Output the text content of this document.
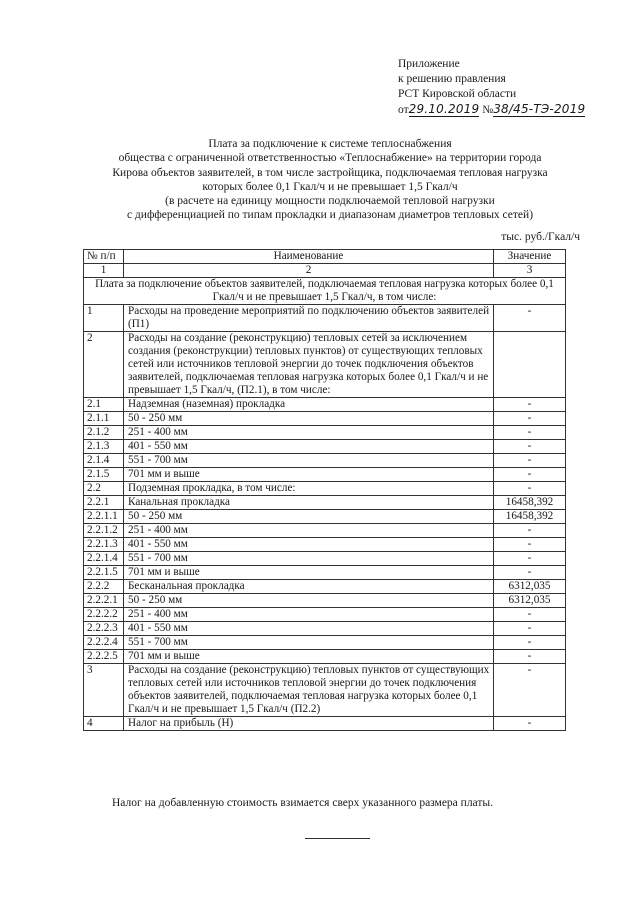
Приложение
к решению правления
РСТ Кировской области
от29.10.2019 №38/45-ТЭ-2019
Плата за подключение к системе теплоснабжения
общества с ограниченной ответственностью «Теплоснабжение» на территории города
Кирова объектов заявителей, в том числе застройщика, подключаемая тепловая нагрузка
которых более 0,1 Гкал/ч и не превышает 1,5 Гкал/ч
(в расчете на единицу мощности подключаемой тепловой нагрузки
с дифференциацией по типам прокладки и диапазонам диаметров тепловых сетей)
тыс. руб./Гкал/ч
№ п/п	Наименование	Значение
1	2	3
Плата за подключение объектов заявителей, подключаемая тепловая нагрузка которых более 0,1 Гкал/ч и не превышает 1,5 Гкал/ч, в том числе:		
1	Расходы на проведение мероприятий по подключению объектов заявителей (П1)	-
2	Расходы на создание (реконструкцию) тепловых сетей за исключением создания (реконструкции) тепловых пунктов) от существующих тепловых сетей или источников тепловой энергии до точек подключения объектов заявителей, подключаемая тепловая нагрузка которых более 0,1 Гкал/ч и не превышает 1,5 Гкал/ч, (П2.1), в том числе:	
2.1	Надземная (наземная) прокладка	-
2.1.1	50 - 250 мм	-
2.1.2	251 - 400 мм	-
2.1.3	401 - 550 мм	-
2.1.4	551 - 700 мм	-
2.1.5	701 мм и выше	-
2.2	Подземная прокладка, в том числе:	-
2.2.1	Канальная прокладка	16458,392
2.2.1.1	50 - 250 мм	16458,392
2.2.1.2	251 - 400 мм	-
2.2.1.3	401 - 550 мм	-
2.2.1.4	551 - 700 мм	-
2.2.1.5	701 мм и выше	-
2.2.2	Бесканальная прокладка	6312,035
2.2.2.1	50 - 250 мм	6312,035
2.2.2.2	251 - 400 мм	-
2.2.2.3	401 - 550 мм	-
2.2.2.4	551 - 700 мм	-
2.2.2.5	701 мм и выше	-
3	Расходы на создание (реконструкцию) тепловых пунктов от существующих тепловых сетей или источников тепловой энергии до точек подключения объектов заявителей, подключаемая тепловая нагрузка которых более 0,1 Гкал/ч и не превышает 1,5 Гкал/ч (П2.2)	-
4	Налог на прибыль (Н)	-
Налог на добавленную стоимость взимается сверх указанного размера платы.
